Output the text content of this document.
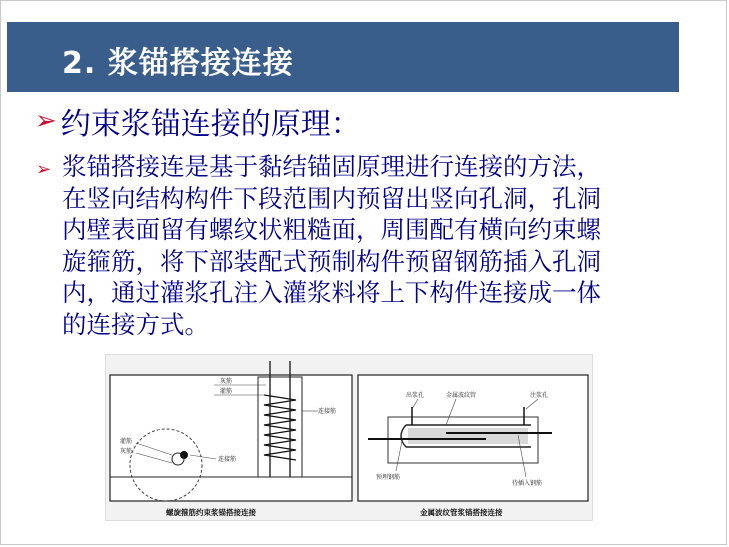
2. 浆锚搭接连接
➢ 约束浆锚连接的原理：
➢ 浆锚搭接连是基于黏结锚固原理进行连接的方法，
在竖向结构构件下段范围内预留出竖向孔洞，孔洞
内壁表面留有螺纹状粗糙面，周围配有横向约束螺
旋箍筋，将下部装配式预制构件预留钢筋插入孔洞
内，通过灌浆孔注入灌浆料将上下构件连接成一体
的连接方式。
灰筋
灌筋
连接筋
灌筋
灰筋
连接筋
螺旋箍筋约束浆锚搭接连接
出浆孔	金属波纹管	注浆孔
预埋钢筋
待插入钢筋
金属波纹管浆锚搭接连接
